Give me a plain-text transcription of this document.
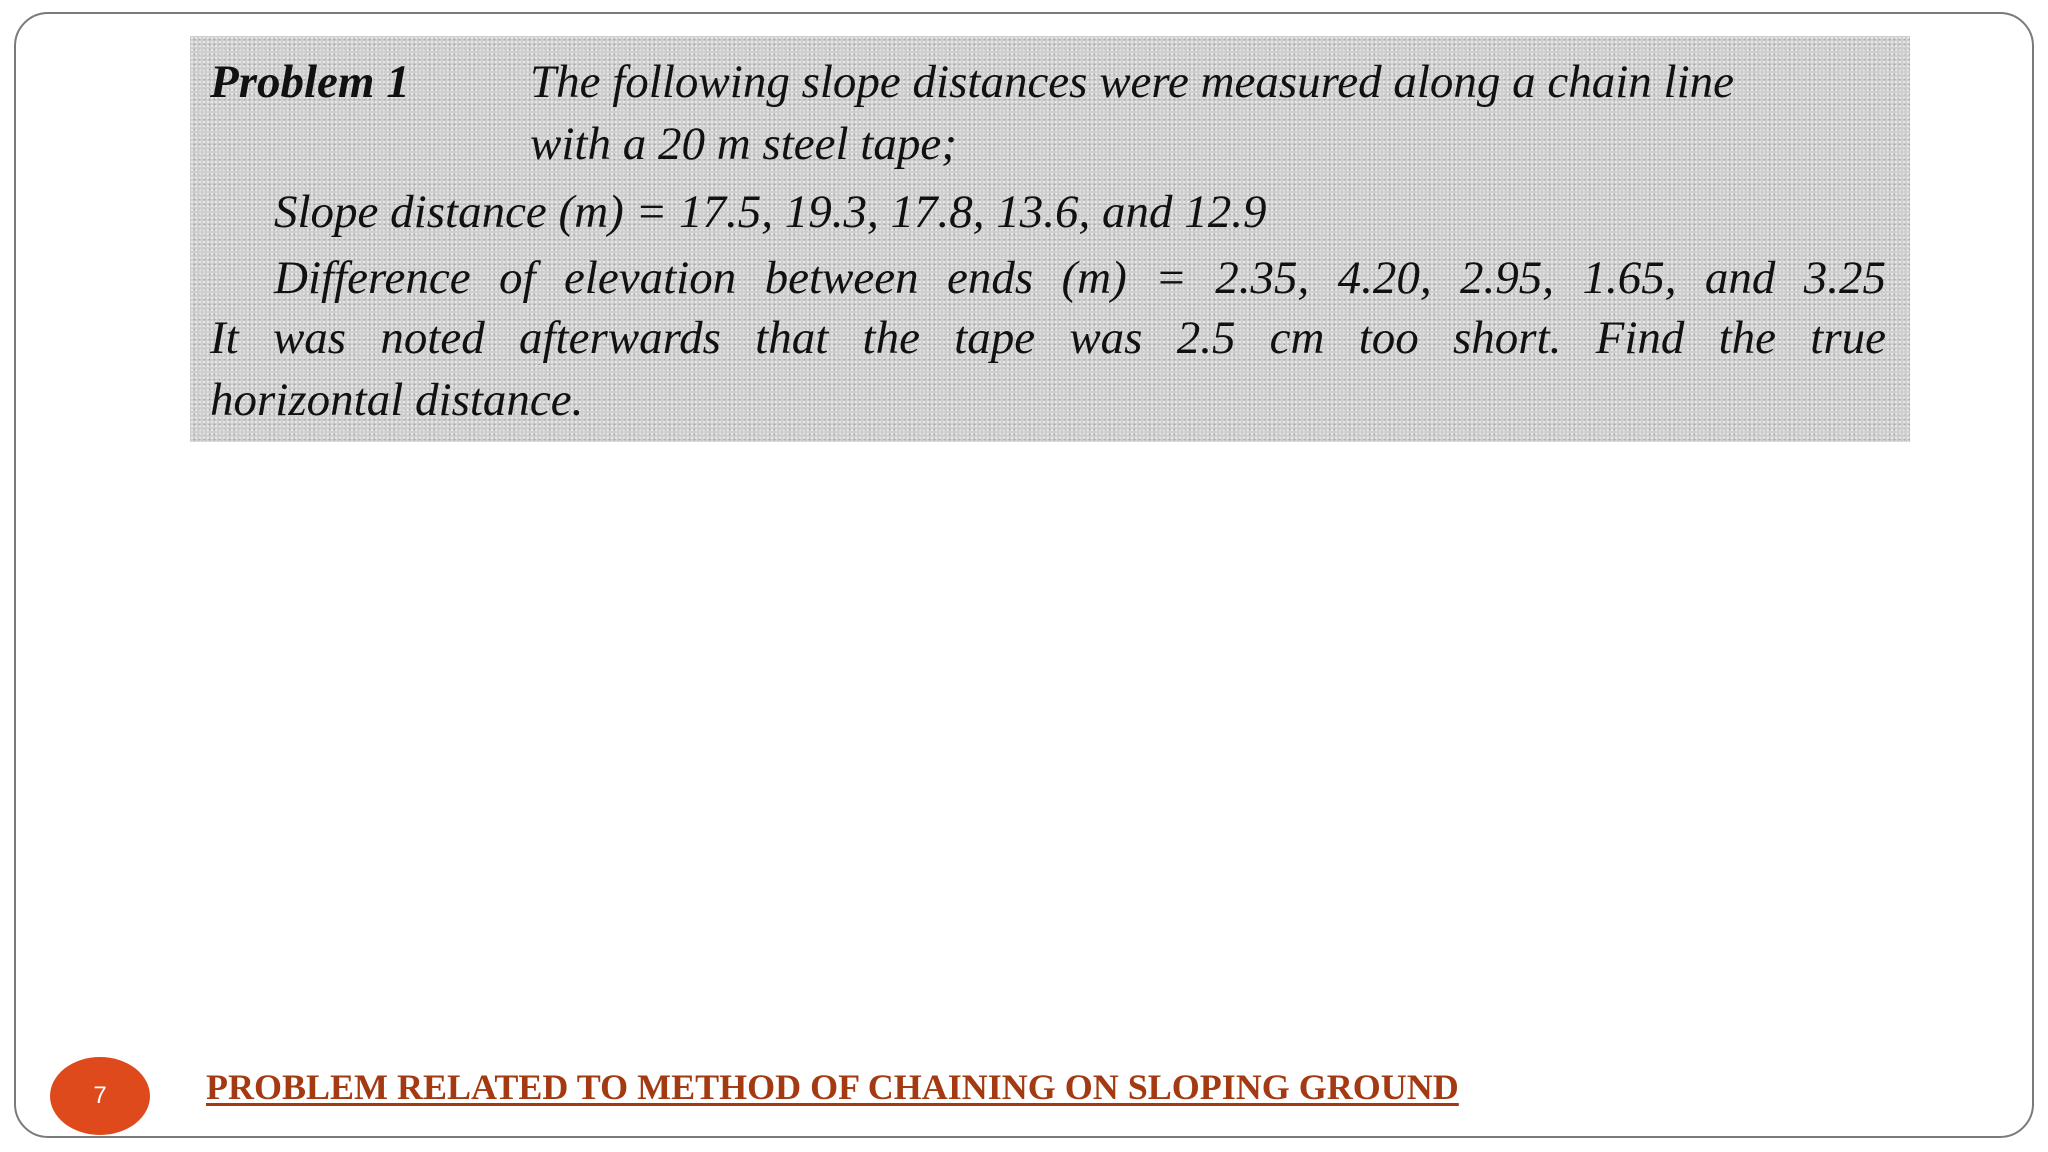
Problem 1	The following slope distances were measured along a chain line
with a 20 m steel tape;
Slope distance (m) = 17.5, 19.3, 17.8, 13.6, and 12.9
Difference of elevation between ends (m) = 2.35, 4.20, 2.95, 1.65, and 3.25
It was noted afterwards that the tape was 2.5 cm too short. Find the true
horizontal distance.
7	PROBLEM RELATED TO METHOD OF CHAINING ON SLOPING GROUND
